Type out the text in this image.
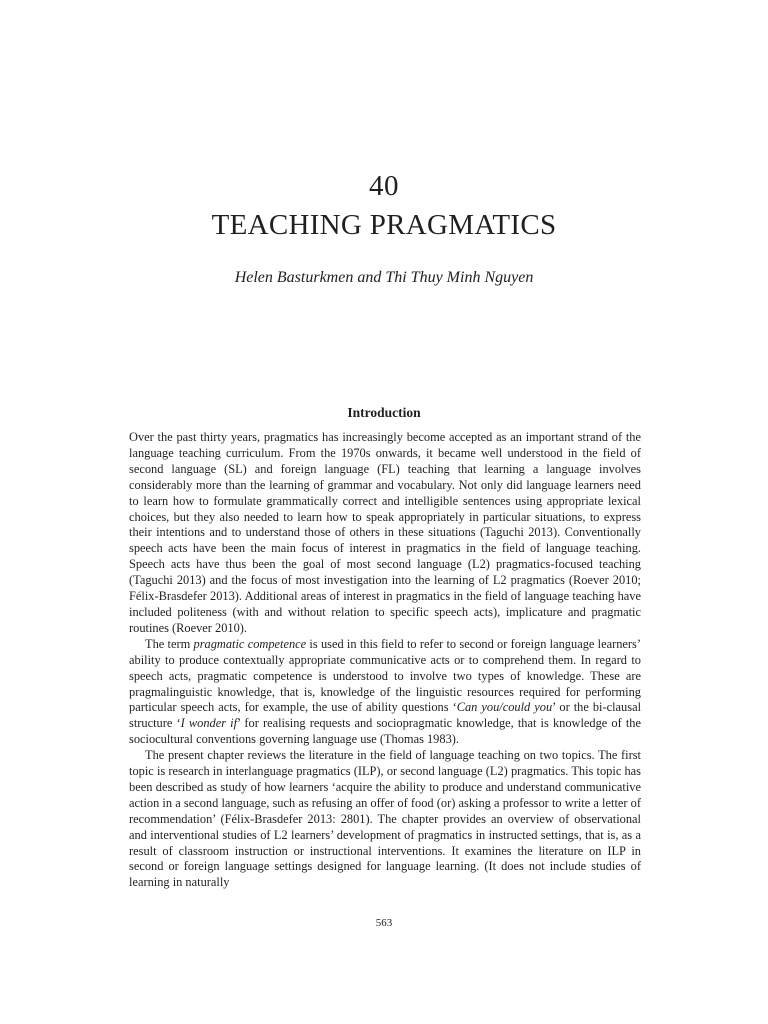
40
TEACHING PRAGMATICS
Helen Basturkmen and Thi Thuy Minh Nguyen
Introduction

Over the past thirty years, pragmatics has increasingly become accepted as an important strand of the language teaching curriculum. From the 1970s onwards, it became well understood in the field of second language (SL) and foreign language (FL) teaching that learning a language involves considerably more than the learning of grammar and vocabulary. Not only did language learners need to learn how to formulate grammatically correct and intelligible sentences using appropriate lexical choices, but they also needed to learn how to speak appropriately in particular situations, to express their intentions and to understand those of others in these situations (Taguchi 2013). Conventionally speech acts have been the main focus of interest in pragmatics in the field of language teaching. Speech acts have thus been the goal of most second language (L2) pragmatics-focused teaching (Taguchi 2013) and the focus of most investigation into the learning of L2 pragmatics (Roever 2010; Félix-Brasdefer 2013). Additional areas of interest in pragmatics in the field of language teaching have included politeness (with and without relation to specific speech acts), implicature and pragmatic routines (Roever 2010).

The term pragmatic competence is used in this field to refer to second or foreign language learners’ ability to produce contextually appropriate communicative acts or to comprehend them. In regard to speech acts, pragmatic competence is understood to involve two types of knowledge. These are pragmalinguistic knowledge, that is, knowledge of the linguistic resources required for performing particular speech acts, for example, the use of ability questions ‘Can you/could you’ or the bi-clausal structure ‘I wonder if’ for realising requests and sociopragmatic knowledge, that is knowledge of the sociocultural conventions governing language use (Thomas 1983).

The present chapter reviews the literature in the field of language teaching on two topics. The first topic is research in interlanguage pragmatics (ILP), or second language (L2) pragmatics. This topic has been described as study of how learners ‘acquire the ability to produce and understand communicative action in a second language, such as refusing an offer of food (or) asking a professor to write a letter of recommendation’ (Félix-Brasdefer 2013: 2801). The chapter provides an overview of observational and interventional studies of L2 learners’ development of pragmatics in instructed settings, that is, as a result of classroom instruction or instructional interventions. It examines the literature on ILP in second or foreign language settings designed for language learning. (It does not include studies of learning in naturally

563
